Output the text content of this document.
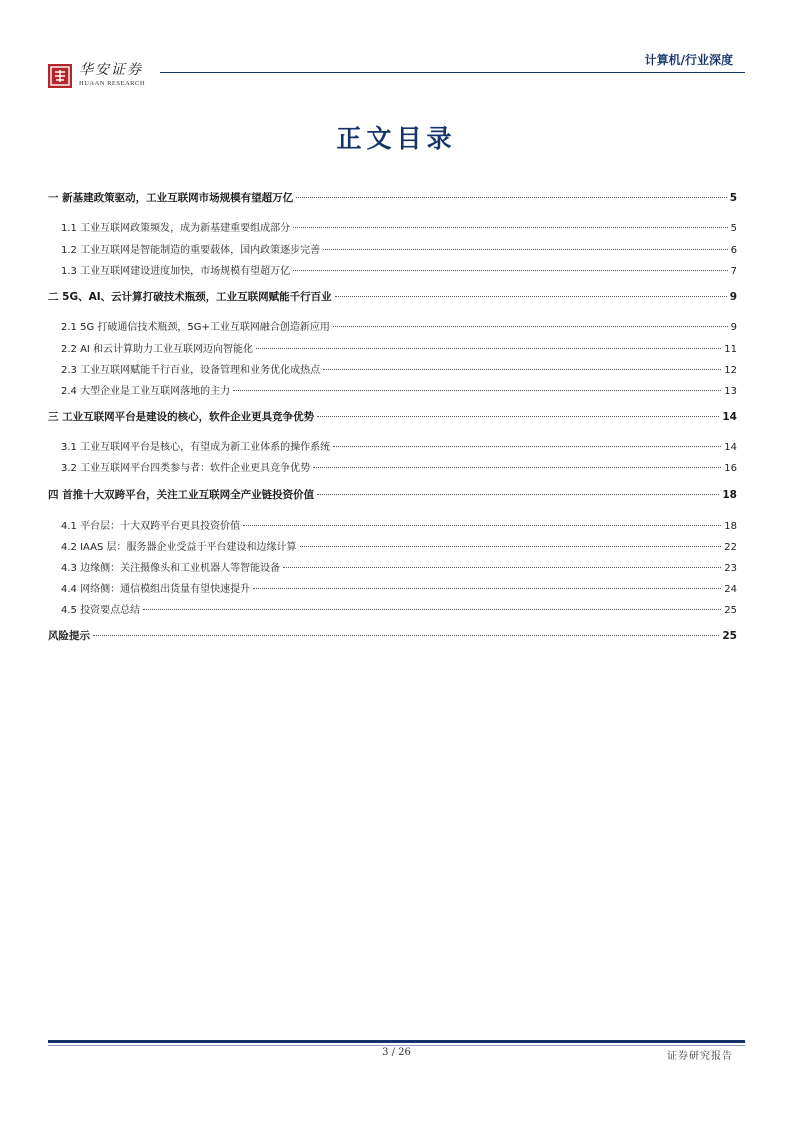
华安证券
HUAAN RESEARCH
计算机/行业深度
正文目录
一 新基建政策驱动，工业互联网市场规模有望超万亿	5
1.1 工业互联网政策频发，成为新基建重要组成部分	5
1.2 工业互联网是智能制造的重要载体，国内政策逐步完善	6
1.3 工业互联网建设进度加快，市场规模有望超万亿	7
二 5G、AI、云计算打破技术瓶颈，工业互联网赋能千行百业	9
2.1 5G 打破通信技术瓶颈，5G+工业互联网融合创造新应用	9
2.2 AI 和云计算助力工业互联网迈向智能化	11
2.3 工业互联网赋能千行百业，设备管理和业务优化成热点	12
2.4 大型企业是工业互联网落地的主力	13
三 工业互联网平台是建设的核心，软件企业更具竞争优势	14
3.1 工业互联网平台是核心，有望成为新工业体系的操作系统	14
3.2 工业互联网平台四类参与者：软件企业更具竞争优势	16
四 首推十大双跨平台，关注工业互联网全产业链投资价值	18
4.1 平台层：十大双跨平台更具投资价值	18
4.2 IAAS 层：服务器企业受益于平台建设和边缘计算	22
4.3 边缘侧：关注摄像头和工业机器人等智能设备	23
4.4 网络侧：通信模组出货量有望快速提升	24
4.5 投资要点总结	25
风险提示	25
3 / 26	证券研究报告
